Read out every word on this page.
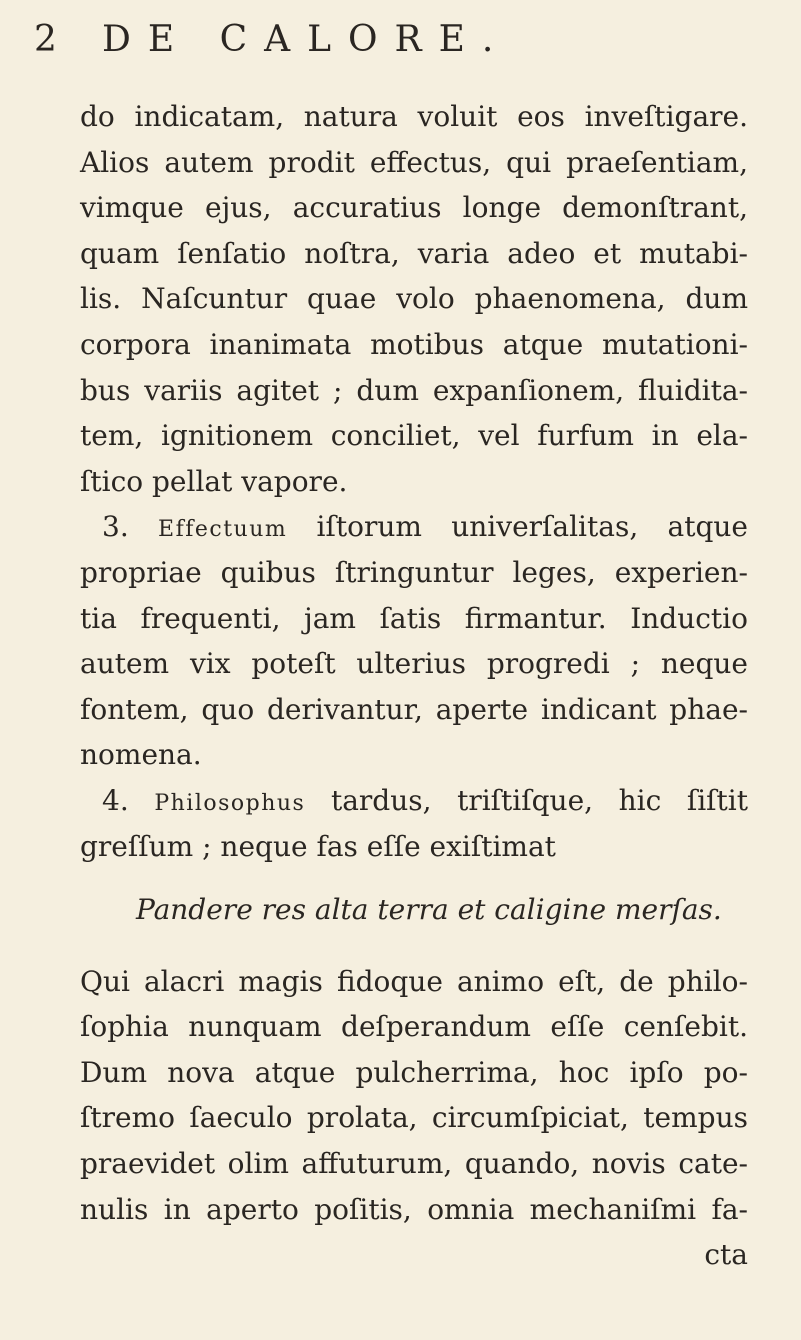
2 DE CALORE.
do indicatam, natura voluit eos inveſtigare.
Alios autem prodit effectus, qui praeſentiam,
vimque ejus, accuratius longe demonſtrant,
quam ſenſatio noſtra, varia adeo et mutabi-
lis. Naſcuntur quae volo phaenomena, dum
corpora inanimata motibus atque mutationi-
bus variis agitet ; dum expanſionem, fluidita-
tem, ignitionem conciliet, vel furfum in ela-
ſtico pellat vapore.
3. Effectuum iſtorum univerſalitas, atque
propriae quibus ſtringuntur leges, experien-
tia frequenti, jam ſatis firmantur. Inductio
autem vix poteſt ulterius progredi ; neque
fontem, quo derivantur, aperte indicant phae-
nomena.
4. Philosophus tardus, triſtiſque, hic ſiſtit
greſſum ; neque fas eſſe exiſtimat
Pandere res alta terra et caligine merſas.
Qui alacri magis fidoque animo eſt, de philo-
ſophia nunquam deſperandum eſſe cenſebit.
Dum nova atque pulcherrima, hoc ipſo po-
ſtremo ſaeculo prolata, circumſpiciat, tempus
praevidet olim affuturum, quando, novis cate-
nulis in aperto poſitis, omnia mechaniſmi fa-
cta
